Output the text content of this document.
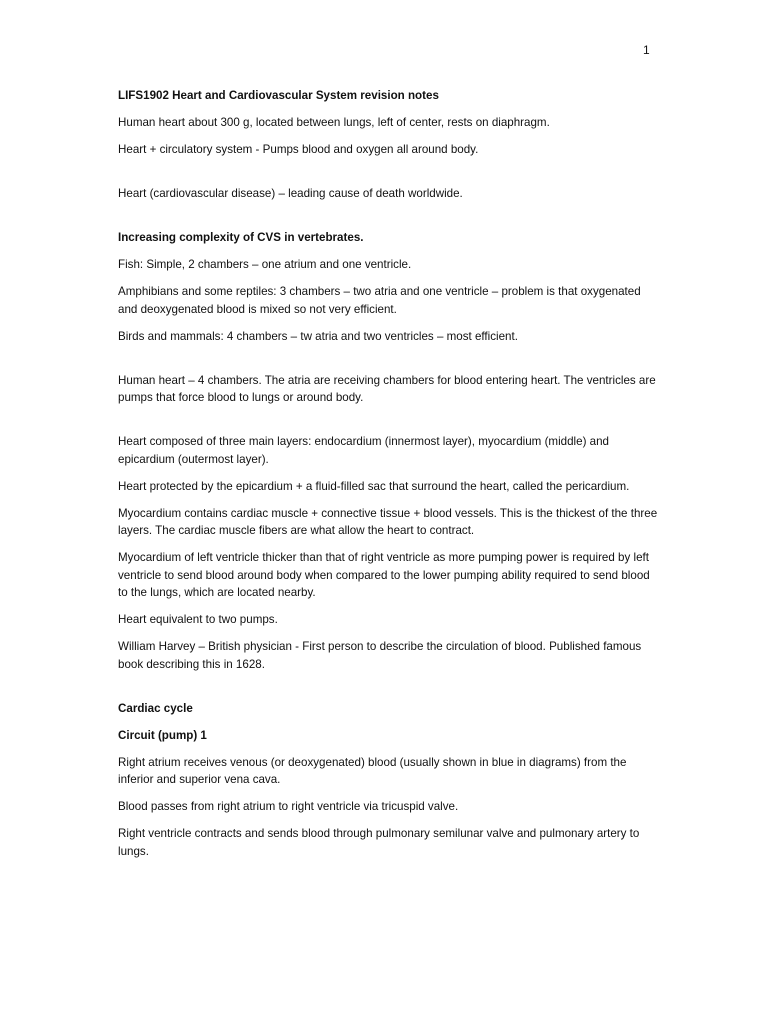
1

LIFS1902 Heart and Cardiovascular System revision notes

Human heart about 300 g, located between lungs, left of center, rests on diaphragm.

Heart + circulatory system - Pumps blood and oxygen all around body.

Heart (cardiovascular disease) – leading cause of death worldwide.

Increasing complexity of CVS in vertebrates.

Fish: Simple, 2 chambers – one atrium and one ventricle.

Amphibians and some reptiles: 3 chambers – two atria and one ventricle – problem is that oxygenated and deoxygenated blood is mixed so not very efficient.

Birds and mammals: 4 chambers – tw atria and two ventricles – most efficient.

Human heart – 4 chambers. The atria are receiving chambers for blood entering heart. The ventricles are pumps that force blood to lungs or around body.

Heart composed of three main layers: endocardium (innermost layer), myocardium (middle) and epicardium (outermost layer).

Heart protected by the epicardium + a fluid-filled sac that surround the heart, called the pericardium.

Myocardium contains cardiac muscle + connective tissue + blood vessels. This is the thickest of the three layers. The cardiac muscle fibers are what allow the heart to contract.

Myocardium of left ventricle thicker than that of right ventricle as more pumping power is required by left ventricle to send blood around body when compared to the lower pumping ability required to send blood to the lungs, which are located nearby.

Heart equivalent to two pumps.

William Harvey – British physician - First person to describe the circulation of blood. Published famous book describing this in 1628.

Cardiac cycle

Circuit (pump) 1

Right atrium receives venous (or deoxygenated) blood (usually shown in blue in diagrams) from the inferior and superior vena cava.

Blood passes from right atrium to right ventricle via tricuspid valve.

Right ventricle contracts and sends blood through pulmonary semilunar valve and pulmonary artery to lungs.
